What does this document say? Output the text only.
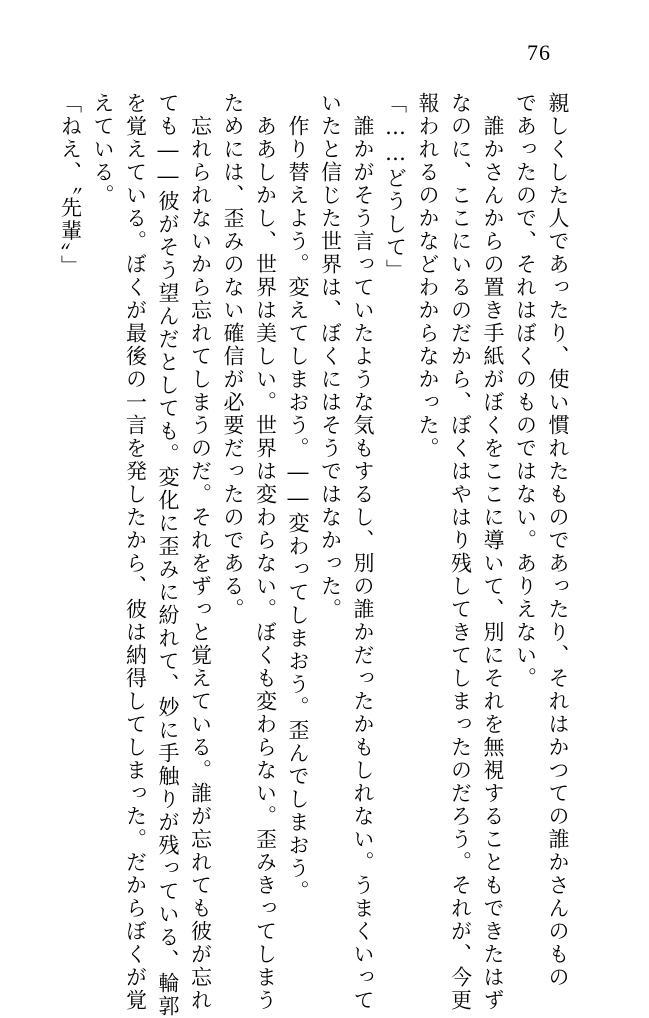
76
親しくした人であったり、使い慣れたものであったり、それはかつての誰かさんのもの
であったので、それはぼくのものではない。ありえない。
　誰かさんからの置き手紙がぼくをここに導いて、別にそれを無視することもできたはず
なのに、ここにいるのだから、ぼくはやはり残してきてしまったのだろう。それが、今更
報われるのかなどわからなかった。
「……どうして」
　誰かがそう言っていたような気もするし、別の誰かだったかもしれない。うまくいって
いたと信じた世界は、ぼくにはそうではなかった。
　作り替えよう。変えてしまおう。――変わってしまおう。歪んでしまおう。
　ああしかし、世界は美しい。世界は変わらない。ぼくも変わらない。歪みきってしまう
ためには、歪みのない確信が必要だったのである。
　忘れられないから忘れてしまうのだ。それをずっと覚えている。誰が忘れても彼が忘れ
ても――彼がそう望んだとしても。変化に歪みに紛れて、妙に手触りが残っている、輪郭
を覚えている。ぼくが最後の一言を発したから、彼は納得してしまった。だからぼくが覚
えている。
「ねえ、〝先輩〟」
